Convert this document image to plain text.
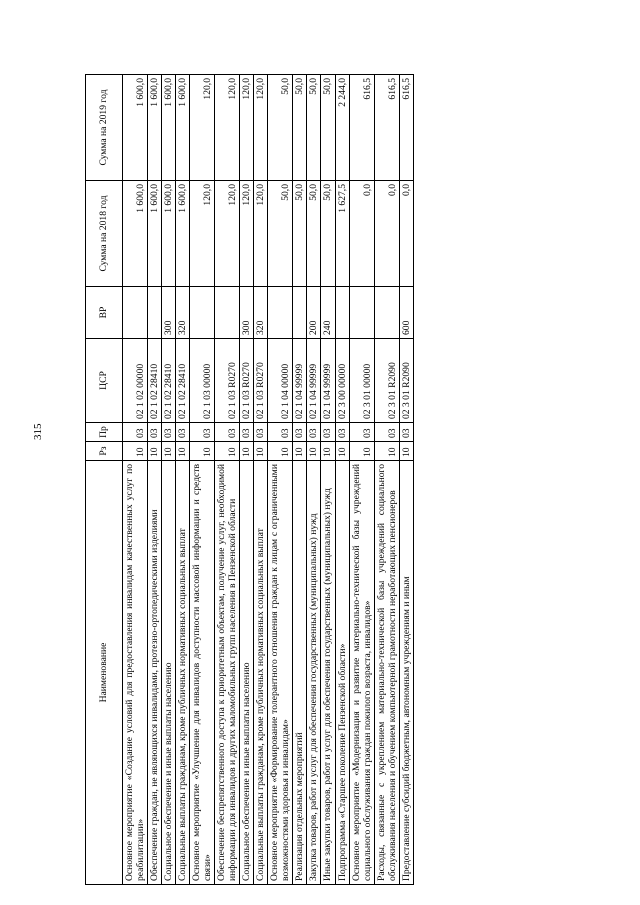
315
Наименование	Рз	Пр	ЦСР	ВР	Сумма на 2018 год	Сумма на 2019 год
Основное мероприятие «Создание условий для предоставления инвалидам качественных услуг по реабилитации»	10	03	02 1 02 00000		1 600,0	1 600,0
Обеспечение граждан, не являющихся инвалидами, протезно-ортопедическими изделиями	10	03	02 1 02 28410		1 600,0	1 600,0
Социальное обеспечение и иные выплаты населению	10	03	02 1 02 28410	300	1 600,0	1 600,0
Социальные выплаты гражданам, кроме публичных нормативных социальных выплат	10	03	02 1 02 28410	320	1 600,0	1 600,0
Основное мероприятие «Улучшение для инвалидов доступности массовой информации и средств связи»	10	03	02 1 03 00000		120,0	120,0
Обеспечение беспрепятственного доступа к приоритетным объектам, получение услуг, необходимой информации для инвалидов и других маломобильных групп населения в Пензенской области	10	03	02 1 03 R0270		120,0	120,0
Социальное обеспечение и иные выплаты населению	10	03	02 1 03 R0270	300	120,0	120,0
Социальные выплаты гражданам, кроме публичных нормативных социальных выплат	10	03	02 1 03 R0270	320	120,0	120,0
Основное мероприятие «Формирование толерантного отношения граждан к лицам с ограниченными возможностями здоровья и инвалидам»	10	03	02 1 04 00000		50,0	50,0
Реализация отдельных мероприятий	10	03	02 1 04 99999		50,0	50,0
Закупка товаров, работ и услуг для обеспечения государственных (муниципальных) нужд	10	03	02 1 04 99999	200	50,0	50,0
Иные закупки товаров, работ и услуг для обеспечения государственных (муниципальных) нужд	10	03	02 1 04 99999	240	50,0	50,0
Подпрограмма «Старшее поколение Пензенской области»	10	03	02 3 00 00000		1 627,5	2 244,0
Основное мероприятие «Модернизация и развитие материально-технической базы учреждений социального обслуживания граждан пожилого возраста, инвалидов»	10	03	02 3 01 00000		0,0	616,5
Расходы, связанные с укреплением материально-технической базы учреждений социального обслуживания населения и обучением компьютерной грамотности неработающих пенсионеров	10	03	02 3 01 R2090		0,0	616,5
Предоставление субсидий бюджетным, автономным учреждениям и иным	10	03	02 3 01 R2090	600	0,0	616,5
